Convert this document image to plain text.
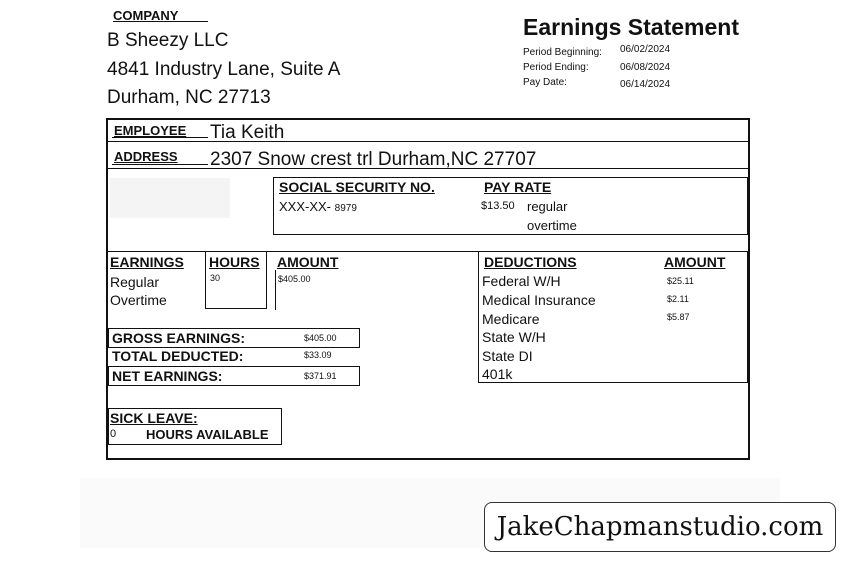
COMPANY
B Sheezy LLC
4841 Industry Lane, Suite A
Durham, NC 27713
Earnings Statement
Period Beginning: 06/02/2024
Period Ending:	06/08/2024
Pay Date:	06/14/2024
EMPLOYEE Tia Keith
ADDRESS 2307 Snow crest trl Durham,NC 27707
SOCIAL SECURITY NO.
XXX-XX- 8979
PAY RATE
$13.50 regular
overtime
EARNINGS HOURS AMOUNT
Regular	30	$405.00
Overtime
GROSS EARNINGS:	$405.00
TOTAL DEDUCTED:	$33.09
NET EARNINGS:	$371.91
DEDUCTIONS	AMOUNT
Federal W/H	$25.11
Medical Insurance	$2.11
Medicare	$5.87
State W/H
State DI
401k
SICK LEAVE:
0 HOURS AVAILABLE
JakeChapmanstudio.com
